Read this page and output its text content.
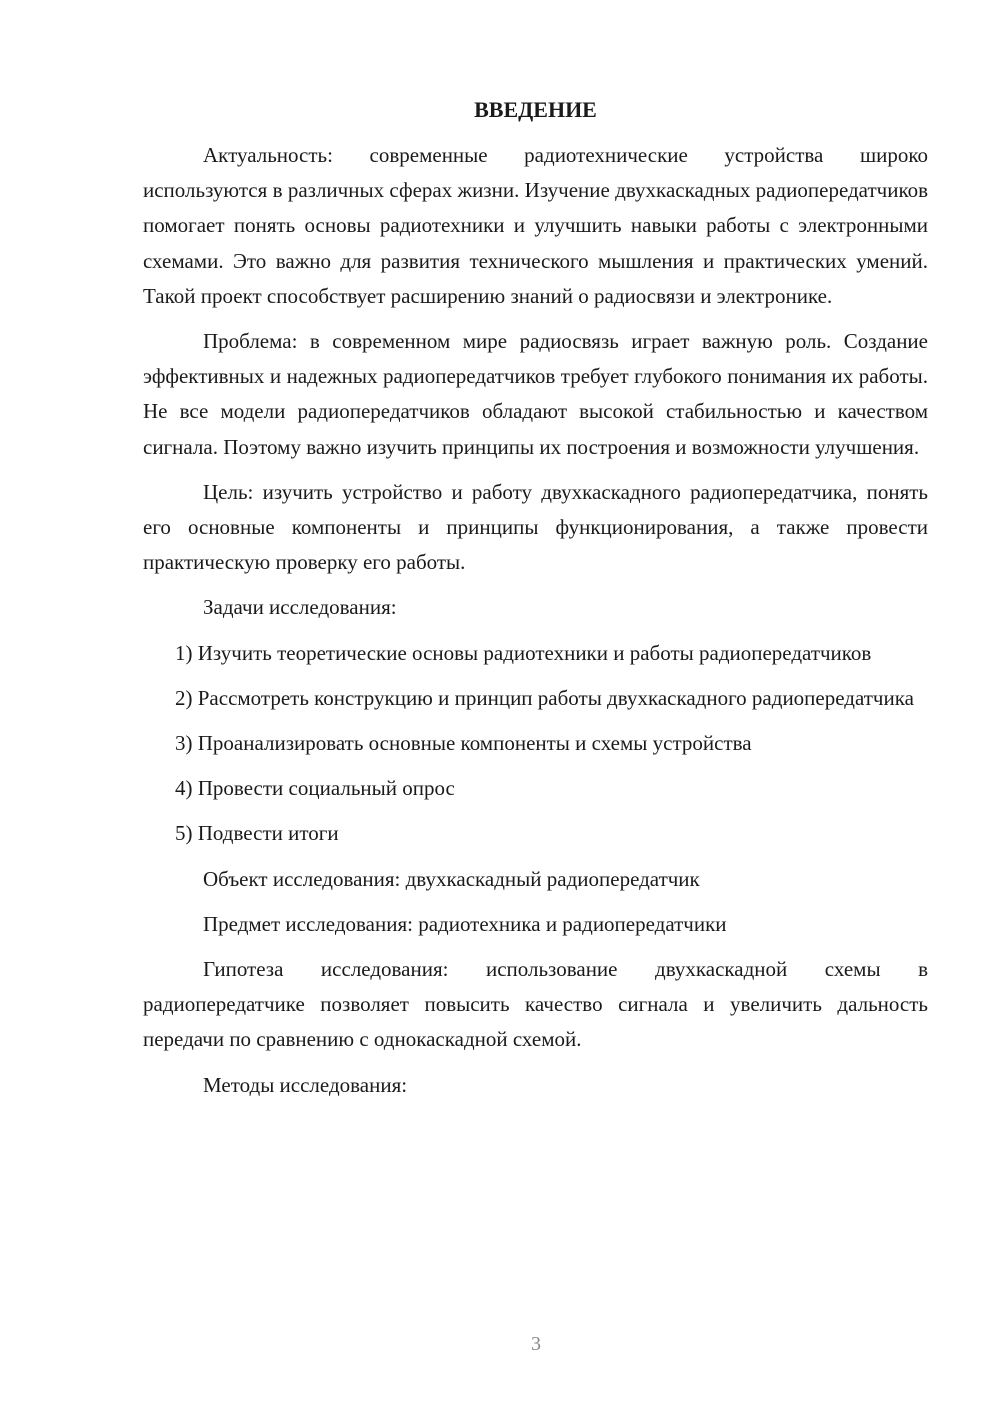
ВВЕДЕНИЕ

Актуальность: современные радиотехнические устройства широко используются в различных сферах жизни. Изучение двухкаскадных радиопередатчиков помогает понять основы радиотехники и улучшить навыки работы с электронными схемами. Это важно для развития технического мышления и практических умений. Такой проект способствует расширению знаний о радиосвязи и электронике.

Проблема: в современном мире радиосвязь играет важную роль. Создание эффективных и надежных радиопередатчиков требует глубокого понимания их работы. Не все модели радиопередатчиков обладают высокой стабильностью и качеством сигнала. Поэтому важно изучить принципы их построения и возможности улучшения.

Цель: изучить устройство и работу двухкаскадного радиопередатчика, понять его основные компоненты и принципы функционирования, а также провести практическую проверку его работы.

Задачи исследования:

1) Изучить теоретические основы радиотехники и работы радиопередатчиков

2) Рассмотреть конструкцию и принцип работы двухкаскадного радиопередатчика

3) Проанализировать основные компоненты и схемы устройства

4) Провести социальный опрос

5) Подвести итоги

Объект исследования: двухкаскадный радиопередатчик

Предмет исследования: радиотехника и радиопередатчики

Гипотеза исследования: использование двухкаскадной схемы в радиопередатчике позволяет повысить качество сигнала и увеличить дальность передачи по сравнению с однокаскадной схемой.

Методы исследования:

3
